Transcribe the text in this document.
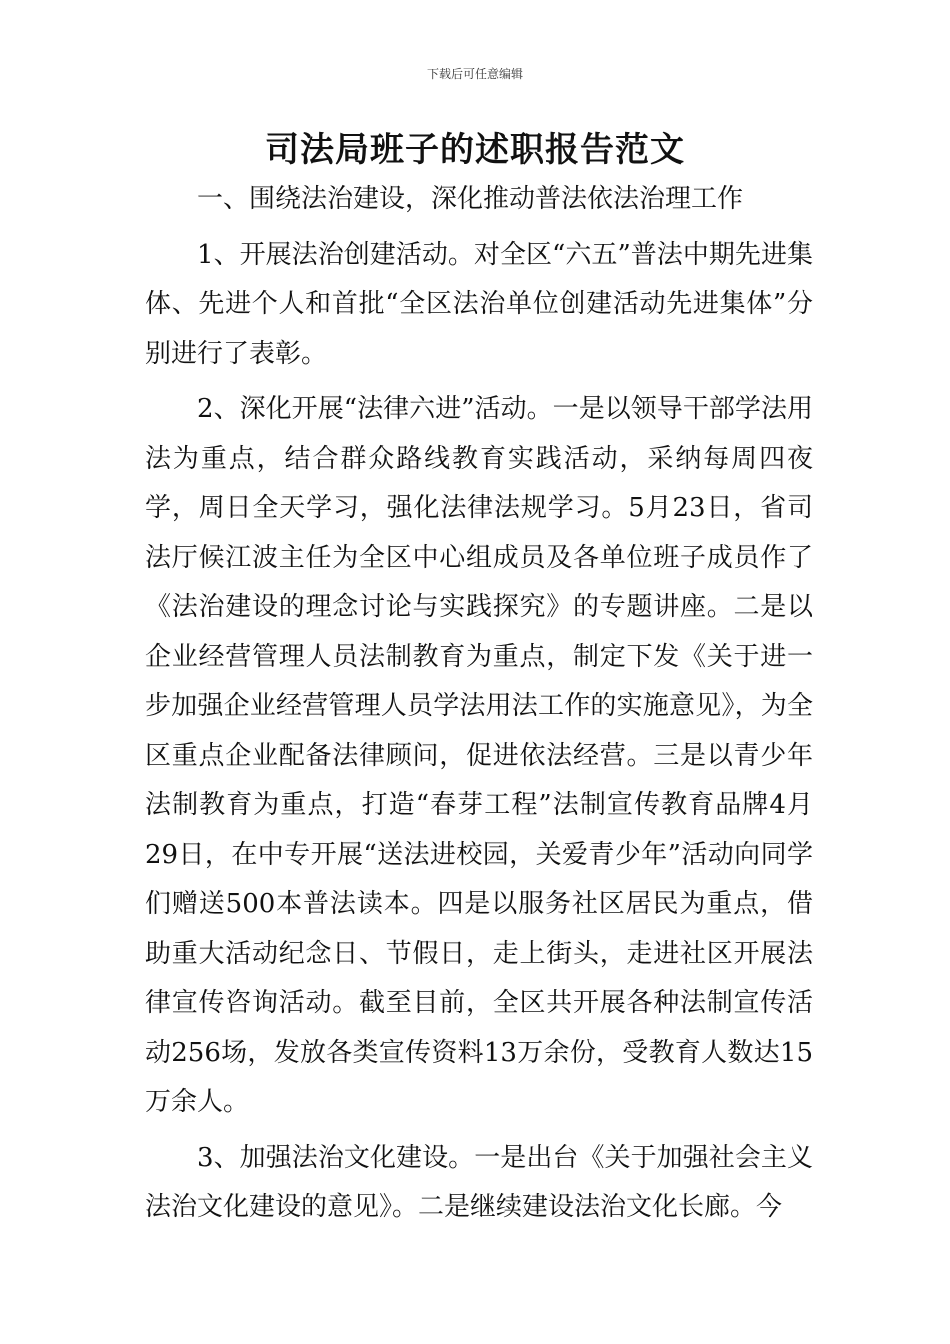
下载后可任意编辑
司法局班子的述职报告范文

一、围绕法治建设，深化推动普法依法治理工作

1、开展法治创建活动。对全区“六五”普法中期先进集体、先进个人和首批“全区法治单位创建活动先进集体”分别进行了表彰。

2、深化开展“法律六进”活动。一是以领导干部学法用法为重点，结合群众路线教育实践活动，采纳每周四夜学，周日全天学习，强化法律法规学习。5月23日，省司法厅候江波主任为全区中心组成员及各单位班子成员作了《法治建设的理念讨论与实践探究》的专题讲座。二是以企业经营管理人员法制教育为重点，制定下发《关于进一步加强企业经营管理人员学法用法工作的实施意见》，为全区重点企业配备法律顾问，促进依法经营。三是以青少年法制教育为重点，打造“春芽工程”法制宣传教育品牌4月29日，在中专开展“送法进校园，关爱青少年”活动向同学们赠送500本普法读本。四是以服务社区居民为重点，借助重大活动纪念日、节假日，走上街头，走进社区开展法律宣传咨询活动。截至目前，全区共开展各种法制宣传活动256场，发放各类宣传资料13万余份，受教育人数达15万余人。

3、加强法治文化建设。一是出台《关于加强社会主义法治文化建设的意见》。二是继续建设法治文化长廊。今
